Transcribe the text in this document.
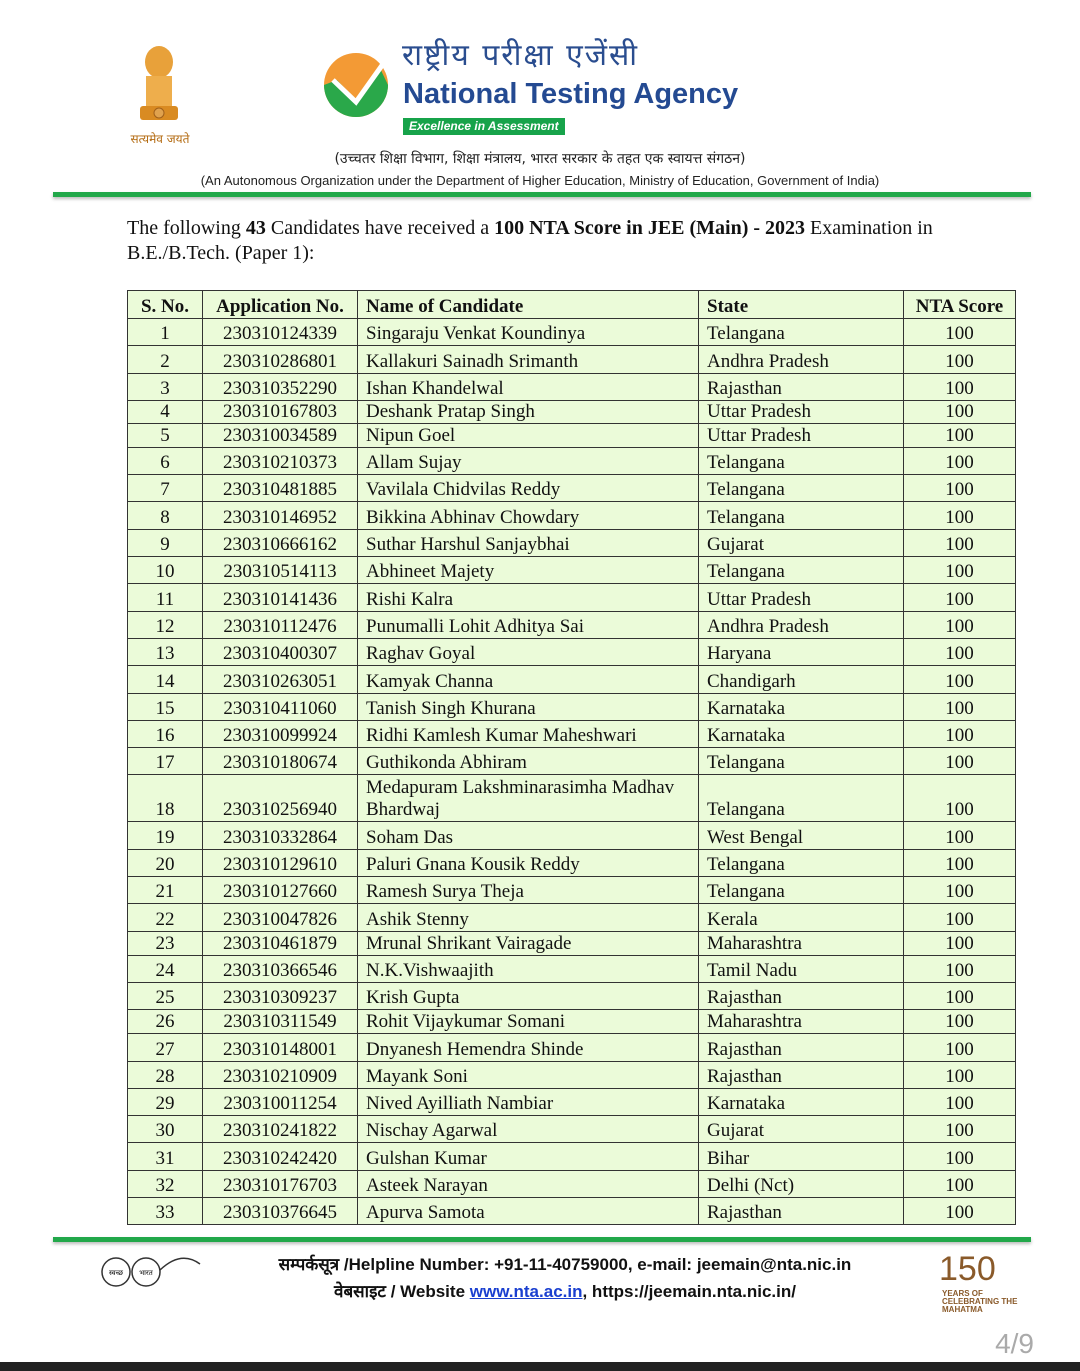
सत्यमेव जयते
राष्ट्रीय परीक्षा एजेंसी
National Testing Agency
Excellence in Assessment
(उच्चतर शिक्षा विभाग, शिक्षा मंत्रालय, भारत सरकार के तहत एक स्वायत्त संगठन)
(An Autonomous Organization under the Department of Higher Education, Ministry of Education, Government of India)
The following 43 Candidates have received a 100 NTA Score in JEE (Main) - 2023 Examination in B.E./B.Tech. (Paper 1):
S. No.	Application No.	Name of Candidate	State	NTA Score
1	230310124339	Singaraju Venkat Koundinya	Telangana	100
2	230310286801	Kallakuri Sainadh Srimanth	Andhra Pradesh	100
3	230310352290	Ishan Khandelwal	Rajasthan	100
4	230310167803	Deshank Pratap Singh	Uttar Pradesh	100
5	230310034589	Nipun Goel	Uttar Pradesh	100
6	230310210373	Allam Sujay	Telangana	100
7	230310481885	Vavilala Chidvilas Reddy	Telangana	100
8	230310146952	Bikkina Abhinav Chowdary	Telangana	100
9	230310666162	Suthar Harshul Sanjaybhai	Gujarat	100
10	230310514113	Abhineet Majety	Telangana	100
11	230310141436	Rishi Kalra	Uttar Pradesh	100
12	230310112476	Punumalli Lohit Adhitya Sai	Andhra Pradesh	100
13	230310400307	Raghav Goyal	Haryana	100
14	230310263051	Kamyak Channa	Chandigarh	100
15	230310411060	Tanish Singh Khurana	Karnataka	100
16	230310099924	Ridhi Kamlesh Kumar Maheshwari	Karnataka	100
17	230310180674	Guthikonda Abhiram	Telangana	100
18	230310256940	Medapuram Lakshminarasimha Madhav Bhardwaj	Telangana	100
19	230310332864	Soham Das	West Bengal	100
20	230310129610	Paluri Gnana Kousik Reddy	Telangana	100
21	230310127660	Ramesh Surya Theja	Telangana	100
22	230310047826	Ashik Stenny	Kerala	100
23	230310461879	Mrunal Shrikant Vairagade	Maharashtra	100
24	230310366546	N.K.Vishwaajith	Tamil Nadu	100
25	230310309237	Krish Gupta	Rajasthan	100
26	230310311549	Rohit Vijaykumar Somani	Maharashtra	100
27	230310148001	Dnyanesh Hemendra Shinde	Rajasthan	100
28	230310210909	Mayank Soni	Rajasthan	100
29	230310011254	Nived Ayilliath Nambiar	Karnataka	100
30	230310241822	Nischay Agarwal	Gujarat	100
31	230310242420	Gulshan Kumar	Bihar	100
32	230310176703	Asteek Narayan	Delhi (Nct)	100
33	230310376645	Apurva Samota	Rajasthan	100
स्वच्छ भारत	सम्पर्कसूत्र /Helpline Number: +91-11-40759000, e-mail: jeemain@nta.nic.in
वेबसाइट / Website www.nta.ac.in, https://jeemain.nta.nic.in/
150
YEARS OF CELEBRATING THE MAHATMA
4/9
